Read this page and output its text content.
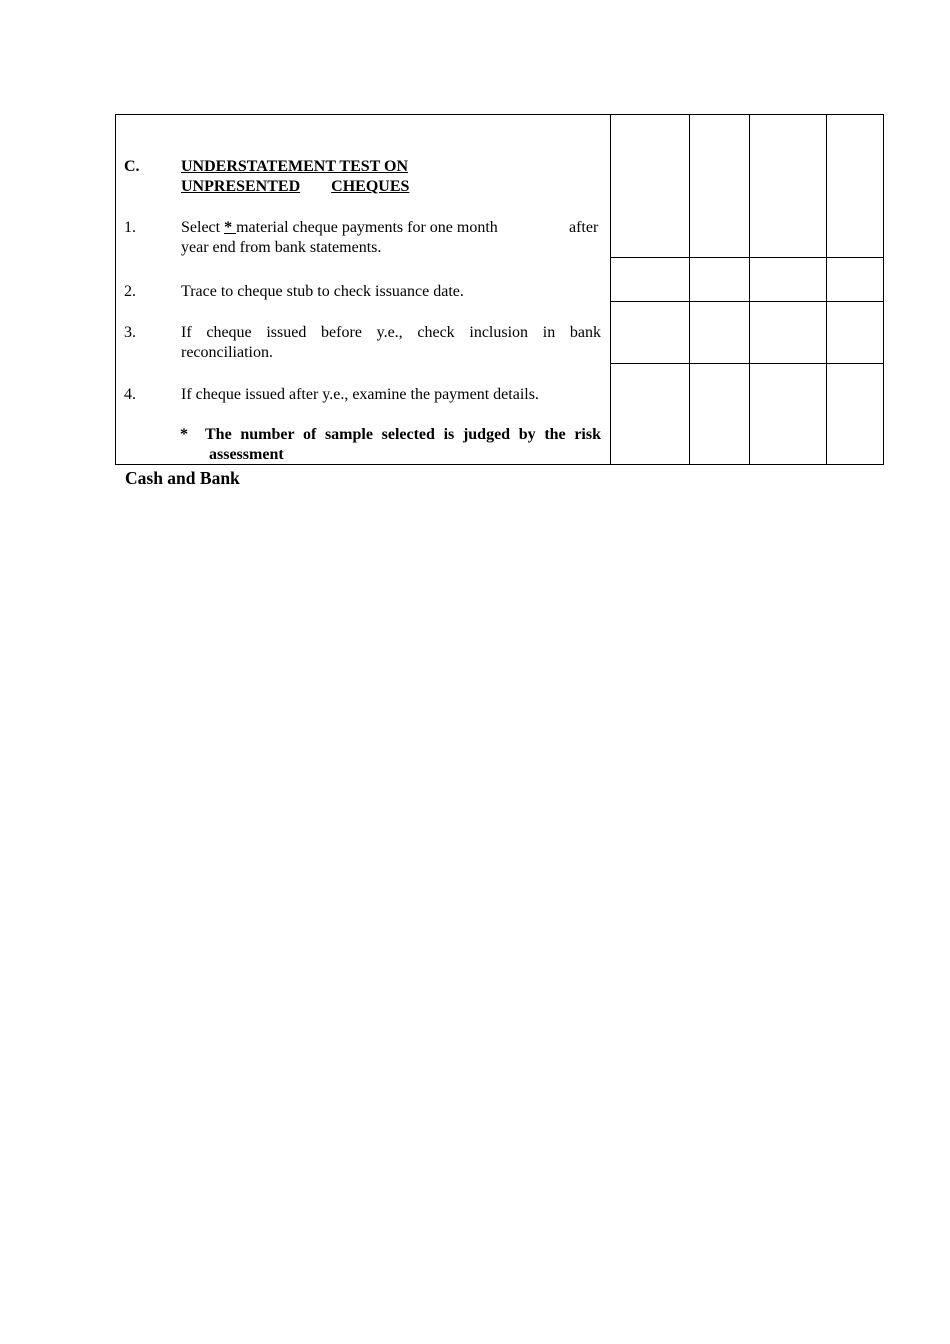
C.	UNDERSTATEMENT TEST ON
UNPRESENTED CHEQUES
1.	Select * material cheque payments for one month	after
year end from bank statements.
2.	Trace to cheque stub to check issuance date.
3.	If cheque issued before y.e., check inclusion in bank
reconciliation.
4.	If cheque issued after y.e., examine the payment details.
* The number of sample selected is judged by the risk
assessment
Cash and Bank
